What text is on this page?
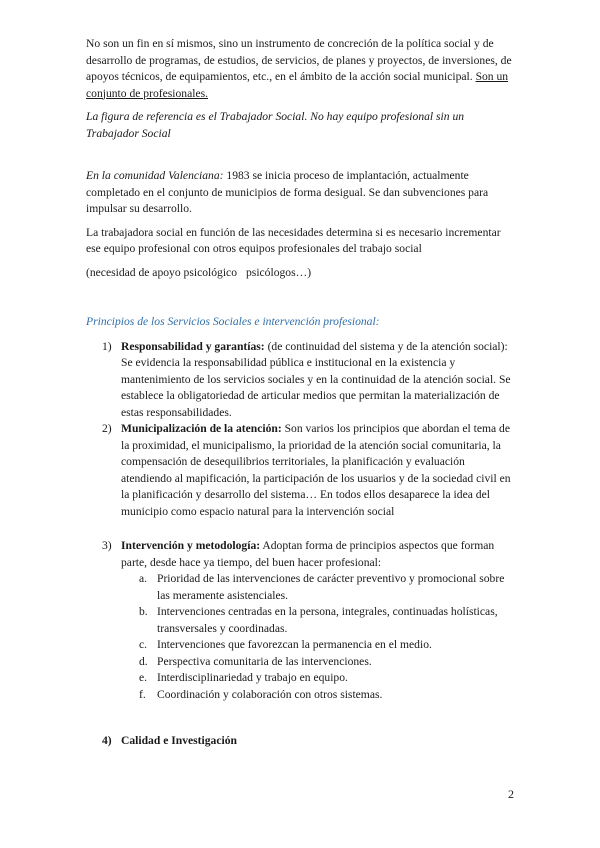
No son un fin en sí mismos, sino un instrumento de concreción de la política social y de desarrollo de programas, de estudios, de servicios, de planes y proyectos, de inversiones, de apoyos técnicos, de equipamientos, etc., en el ámbito de la acción social municipal. Son un conjunto de profesionales.

La figura de referencia es el Trabajador Social. No hay equipo profesional sin un Trabajador Social

En la comunidad Valenciana: 1983 se inicia proceso de implantación, actualmente completado en el conjunto de municipios de forma desigual. Se dan subvenciones para impulsar su desarrollo.

La trabajadora social en función de las necesidades determina si es necesario incrementar ese equipo profesional con otros equipos profesionales del trabajo social

(necesidad de apoyo psicológico psicólogos…)

Principios de los Servicios Sociales e intervención profesional:

1) Responsabilidad y garantías: (de continuidad del sistema y de la atención social): Se evidencia la responsabilidad pública e institucional en la existencia y mantenimiento de los servicios sociales y en la continuidad de la atención social. Se establece la obligatoriedad de articular medios que permitan la materialización de estas responsabilidades.
2) Municipalización de la atención: Son varios los principios que abordan el tema de la proximidad, el municipalismo, la prioridad de la atención social comunitaria, la compensación de desequilibrios territoriales, la planificación y evaluación atendiendo al mapificación, la participación de los usuarios y de la sociedad civil en la planificación y desarrollo del sistema… En todos ellos desaparece la idea del municipio como espacio natural para la intervención social
3) Intervención y metodología: Adoptan forma de principios aspectos que forman parte, desde hace ya tiempo, del buen hacer profesional:
a. Prioridad de las intervenciones de carácter preventivo y promocional sobre las meramente asistenciales.
b. Intervenciones centradas en la persona, integrales, continuadas holísticas, transversales y coordinadas.
c. Intervenciones que favorezcan la permanencia en el medio.
d. Perspectiva comunitaria de las intervenciones.
e. Interdisciplinariedad y trabajo en equipo.
f. Coordinación y colaboración con otros sistemas.
4) Calidad e Investigación
2
